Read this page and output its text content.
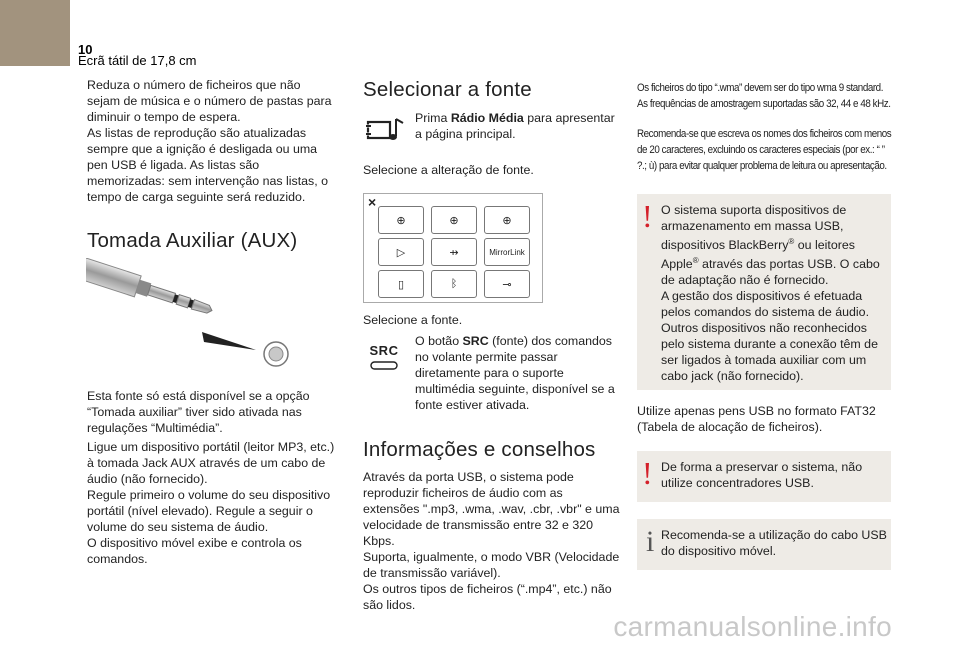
10
Ecrã tátil de 17,8 cm

Reduza o número de ficheiros que não sejam de música e o número de pastas para diminuir o tempo de espera.
As listas de reprodução são atualizadas sempre que a ignição é desligada ou uma pen USB é ligada. As listas são memorizadas: sem intervenção nas listas, o tempo de carga seguinte será reduzido.

Tomada Auxiliar (AUX)

Esta fonte só está disponível se a opção “Tomada auxiliar” tiver sido ativada nas regulações “Multimédia”.

Ligue um dispositivo portátil (leitor MP3, etc.) à tomada Jack AUX através de um cabo de áudio (não fornecido).
Regule primeiro o volume do seu dispositivo portátil (nível elevado). Regule a seguir o volume do seu sistema de áudio.
O dispositivo móvel exibe e controla os comandos.

Selecionar a fonte

Prima Rádio Média para apresentar a página principal.

Selecione a alteração de fonte.

×
⊕	⊕	⊕
▷	⇸	MirrorLink
▯	ᛒ	⊸

Selecione a fonte.

SRC

O botão SRC (fonte) dos comandos no volante permite passar diretamente para o suporte multimédia seguinte, disponível se a fonte estiver ativada.

Informações e conselhos

Através da porta USB, o sistema pode reproduzir ficheiros de áudio com as extensões ".mp3, .wma, .wav, .cbr, .vbr" e uma velocidade de transmissão entre 32 e 320 Kbps.
Suporta, igualmente, o modo VBR (Velocidade de transmissão variável).
Os outros tipos de ficheiros (“.mp4”, etc.) não são lidos.

Os ficheiros do tipo “.wma” devem ser do tipo wma 9 standard.
As frequências de amostragem suportadas são 32, 44 e 48 kHz.

Recomenda-se que escreva os nomes dos ficheiros com menos de 20 caracteres, excluindo os caracteres especiais (por ex.: “ ” ?.; ù) para evitar qualquer problema de leitura ou apresentação.

! O sistema suporta dispositivos de armazenamento em massa USB, dispositivos BlackBerry® ou leitores Apple® através das portas USB. O cabo de adaptação não é fornecido.
A gestão dos dispositivos é efetuada pelos comandos do sistema de áudio.
Outros dispositivos não reconhecidos pelo sistema durante a conexão têm de ser ligados à tomada auxiliar com um cabo jack (não fornecido).

Utilize apenas pens USB no formato FAT32 (Tabela de alocação de ficheiros).

! De forma a preservar o sistema, não utilize concentradores USB.

i Recomenda-se a utilização do cabo USB do dispositivo móvel.

carmanualsonline.info
